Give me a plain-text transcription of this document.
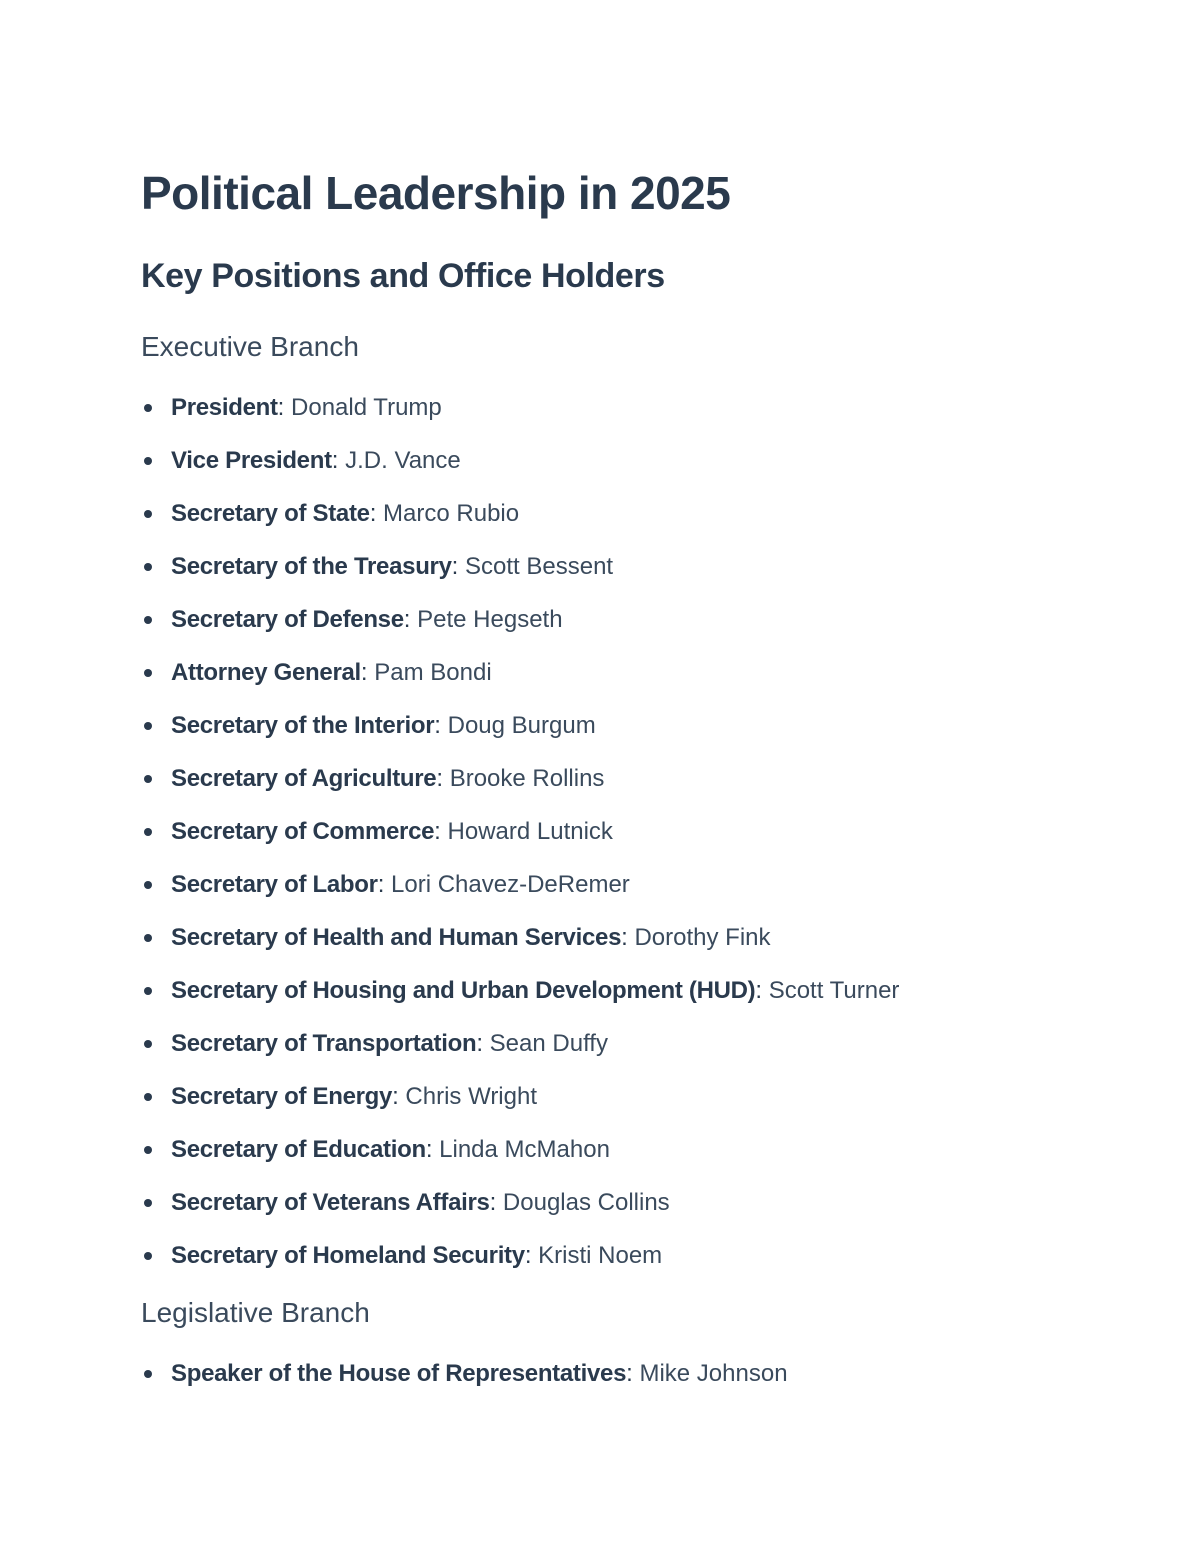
Political Leadership in 2025
Key Positions and Office Holders
Executive Branch
President: Donald Trump
Vice President: J.D. Vance
Secretary of State: Marco Rubio
Secretary of the Treasury: Scott Bessent
Secretary of Defense: Pete Hegseth
Attorney General: Pam Bondi
Secretary of the Interior: Doug Burgum
Secretary of Agriculture: Brooke Rollins
Secretary of Commerce: Howard Lutnick
Secretary of Labor: Lori Chavez-DeRemer
Secretary of Health and Human Services: Dorothy Fink
Secretary of Housing and Urban Development (HUD): Scott Turner
Secretary of Transportation: Sean Duffy
Secretary of Energy: Chris Wright
Secretary of Education: Linda McMahon
Secretary of Veterans Affairs: Douglas Collins
Secretary of Homeland Security: Kristi Noem
Legislative Branch
Speaker of the House of Representatives: Mike Johnson
